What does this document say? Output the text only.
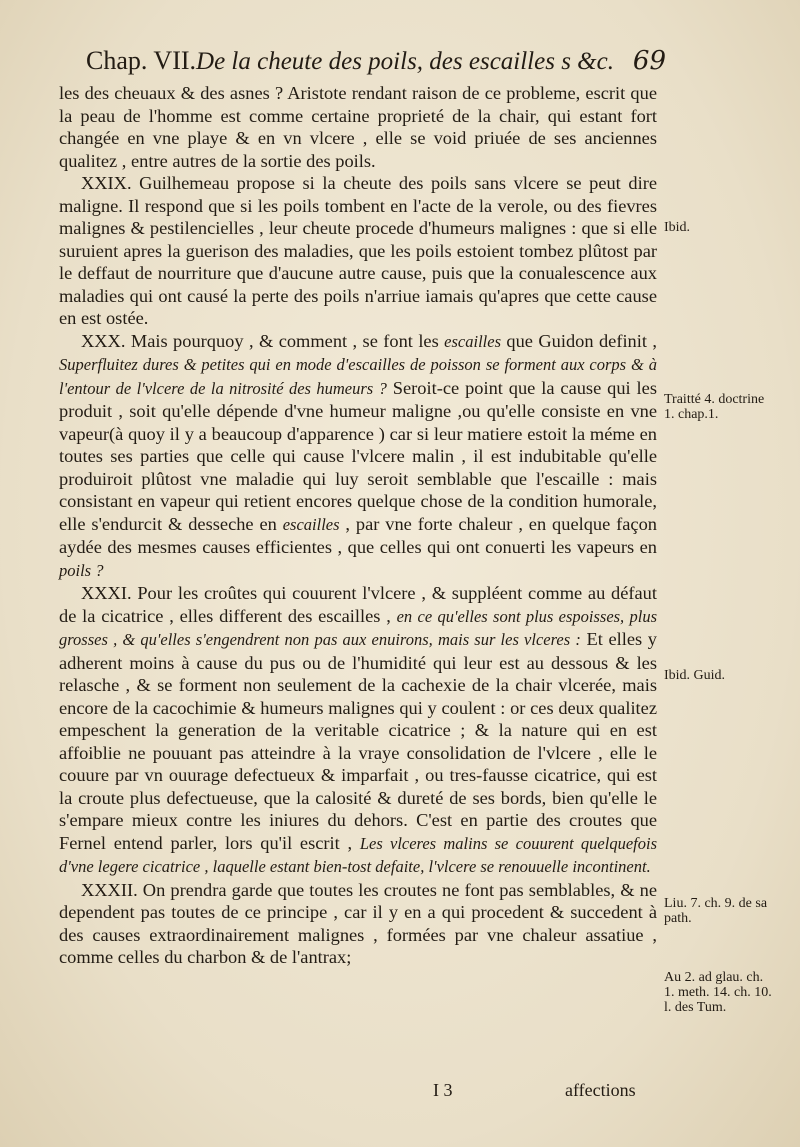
Chap. VII.De la cheute des poils, des escailles s &c. 69

les des cheuaux & des asnes ? Aristote rendant raison de ce probleme, escrit que la peau de l'homme est comme certaine proprieté de la chair, qui estant fort changée en vne playe & en vn vlcere , elle se void priuée de ses anciennes qualitez , entre autres de la sortie des poils.

XXIX. Guilhemeau propose si la cheute des poils sans vlcere se peut dire maligne. Il respond que si les poils tombent en l'acte de la verole, ou des fievres malignes & pestilencielles , leur cheute procede d'humeurs malignes : que si elle suruient apres la guerison des maladies, que les poils estoient tombez plûtost par le deffaut de nourriture que d'aucune autre cause, puis que la conualescence aux maladies qui ont causé la perte des poils n'arriue iamais qu'apres que cette cause en est ostée.

XXX. Mais pourquoy , & comment , se font les escailles que Guidon definit , Superfluitez dures & petites qui en mode d'escailles de poisson se forment aux corps & à l'entour de l'vlcere de la nitrosité des humeurs ? Seroit-ce point que la cause qui les produit , soit qu'elle dépende d'vne humeur maligne ,ou qu'elle consiste en vne vapeur(à quoy il y a beaucoup d'apparence ) car si leur matiere estoit la méme en toutes ses parties que celle qui cause l'vlcere malin , il est indubitable qu'elle produiroit plûtost vne maladie qui luy seroit semblable que l'escaille : mais consistant en vapeur qui retient encores quelque chose de la condition humorale, elle s'endurcit & desseche en escailles , par vne forte chaleur , en quelque façon aydée des mesmes causes efficientes , que celles qui ont conuerti les vapeurs en poils ?

XXXI. Pour les croûtes qui couurent l'vlcere , & suppléent comme au défaut de la cicatrice , elles different des escailles , en ce qu'elles sont plus espoisses, plus grosses , & qu'elles s'engendrent non pas aux enuirons, mais sur les vlceres : Et elles y adherent moins à cause du pus ou de l'humidité qui leur est au dessous & les relasche , & se forment non seulement de la cachexie de la chair vlcerée, mais encore de la cacochimie & humeurs malignes qui y coulent : or ces deux qualitez empeschent la generation de la veritable cicatrice ; & la nature qui en est affoiblie ne pouuant pas atteindre à la vraye consolidation de l'vlcere , elle le couure par vn ouurage defectueux & imparfait , ou tres-fausse cicatrice, qui est la croute plus defectueuse, que la calosité & dureté de ses bords, bien qu'elle le s'empare mieux contre les iniures du dehors. C'est en partie des croutes que Fernel entend parler, lors qu'il escrit , Les vlceres malins se couurent quelquefois d'vne legere cicatrice , laquelle estant bien-tost defaite, l'vlcere se renouuelle incontinent.

XXXII. On prendra garde que toutes les croutes ne font pas semblables, & ne dependent pas toutes de ce principe , car il y en a qui procedent & succedent à des causes extraordinairement malignes , formées par vne chaleur assatiue , comme celles du charbon & de l'antrax;

Ibid.
Traitté 4. doctrine 1. chap.1.
Ibid. Guid.
Liu. 7. ch. 9. de sa path.
Au 2. ad glau. ch. 1. meth. 14. ch. 10. l. des Tum.
I 3	affections
